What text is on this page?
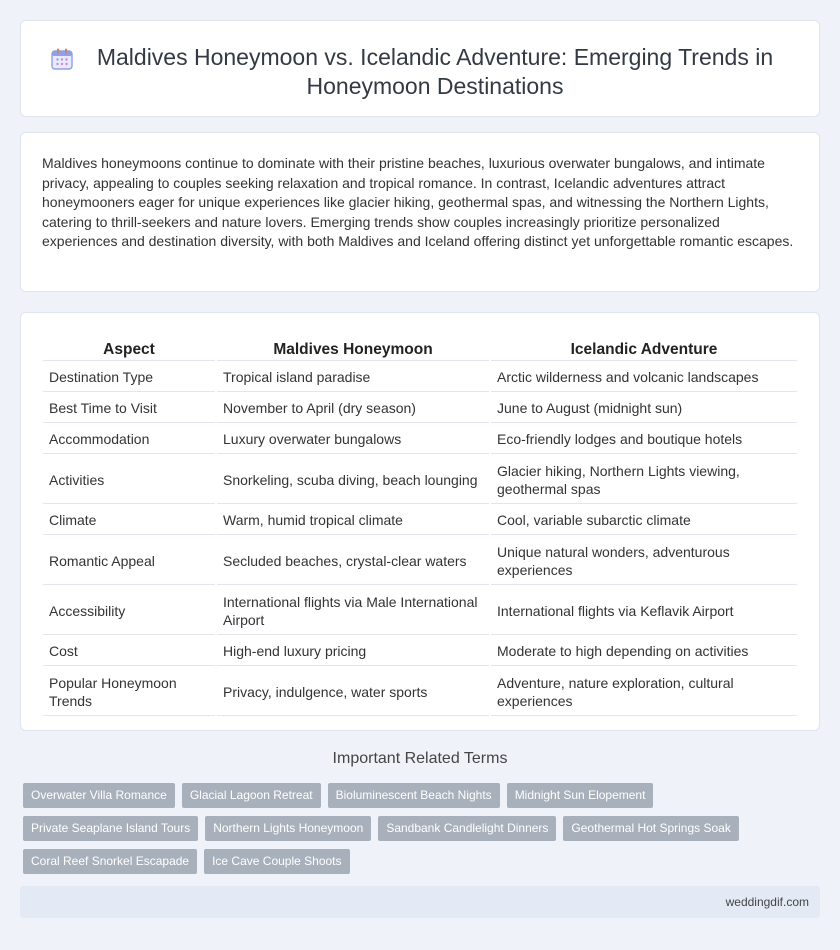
Maldives Honeymoon vs. Icelandic Adventure: Emerging Trends in Honeymoon Destinations

Maldives honeymoons continue to dominate with their pristine beaches, luxurious overwater bungalows, and intimate privacy, appealing to couples seeking relaxation and tropical romance. In contrast, Icelandic adventures attract honeymooners eager for unique experiences like glacier hiking, geothermal spas, and witnessing the Northern Lights, catering to thrill-seekers and nature lovers. Emerging trends show couples increasingly prioritize personalized experiences and destination diversity, with both Maldives and Iceland offering distinct yet unforgettable romantic escapes.

Aspect	Maldives Honeymoon	Icelandic Adventure
Destination Type	Tropical island paradise	Arctic wilderness and volcanic landscapes
Best Time to Visit	November to April (dry season)	June to August (midnight sun)
Accommodation	Luxury overwater bungalows	Eco-friendly lodges and boutique hotels
Activities	Snorkeling, scuba diving, beach lounging	Glacier hiking, Northern Lights viewing, geothermal spas
Climate	Warm, humid tropical climate	Cool, variable subarctic climate
Romantic Appeal	Secluded beaches, crystal-clear waters	Unique natural wonders, adventurous experiences
Accessibility	International flights via Male International Airport	International flights via Keflavik Airport
Cost	High-end luxury pricing	Moderate to high depending on activities
Popular Honeymoon Trends	Privacy, indulgence, water sports	Adventure, nature exploration, cultural experiences
Important Related Terms
Overwater Villa Romance	Glacial Lagoon Retreat	Bioluminescent Beach Nights	Midnight Sun Elopement
Private Seaplane Island Tours	Northern Lights Honeymoon	Sandbank Candlelight Dinners	Geothermal Hot Springs Soak
Coral Reef Snorkel Escapade	Ice Cave Couple Shoots
weddingdif.com
